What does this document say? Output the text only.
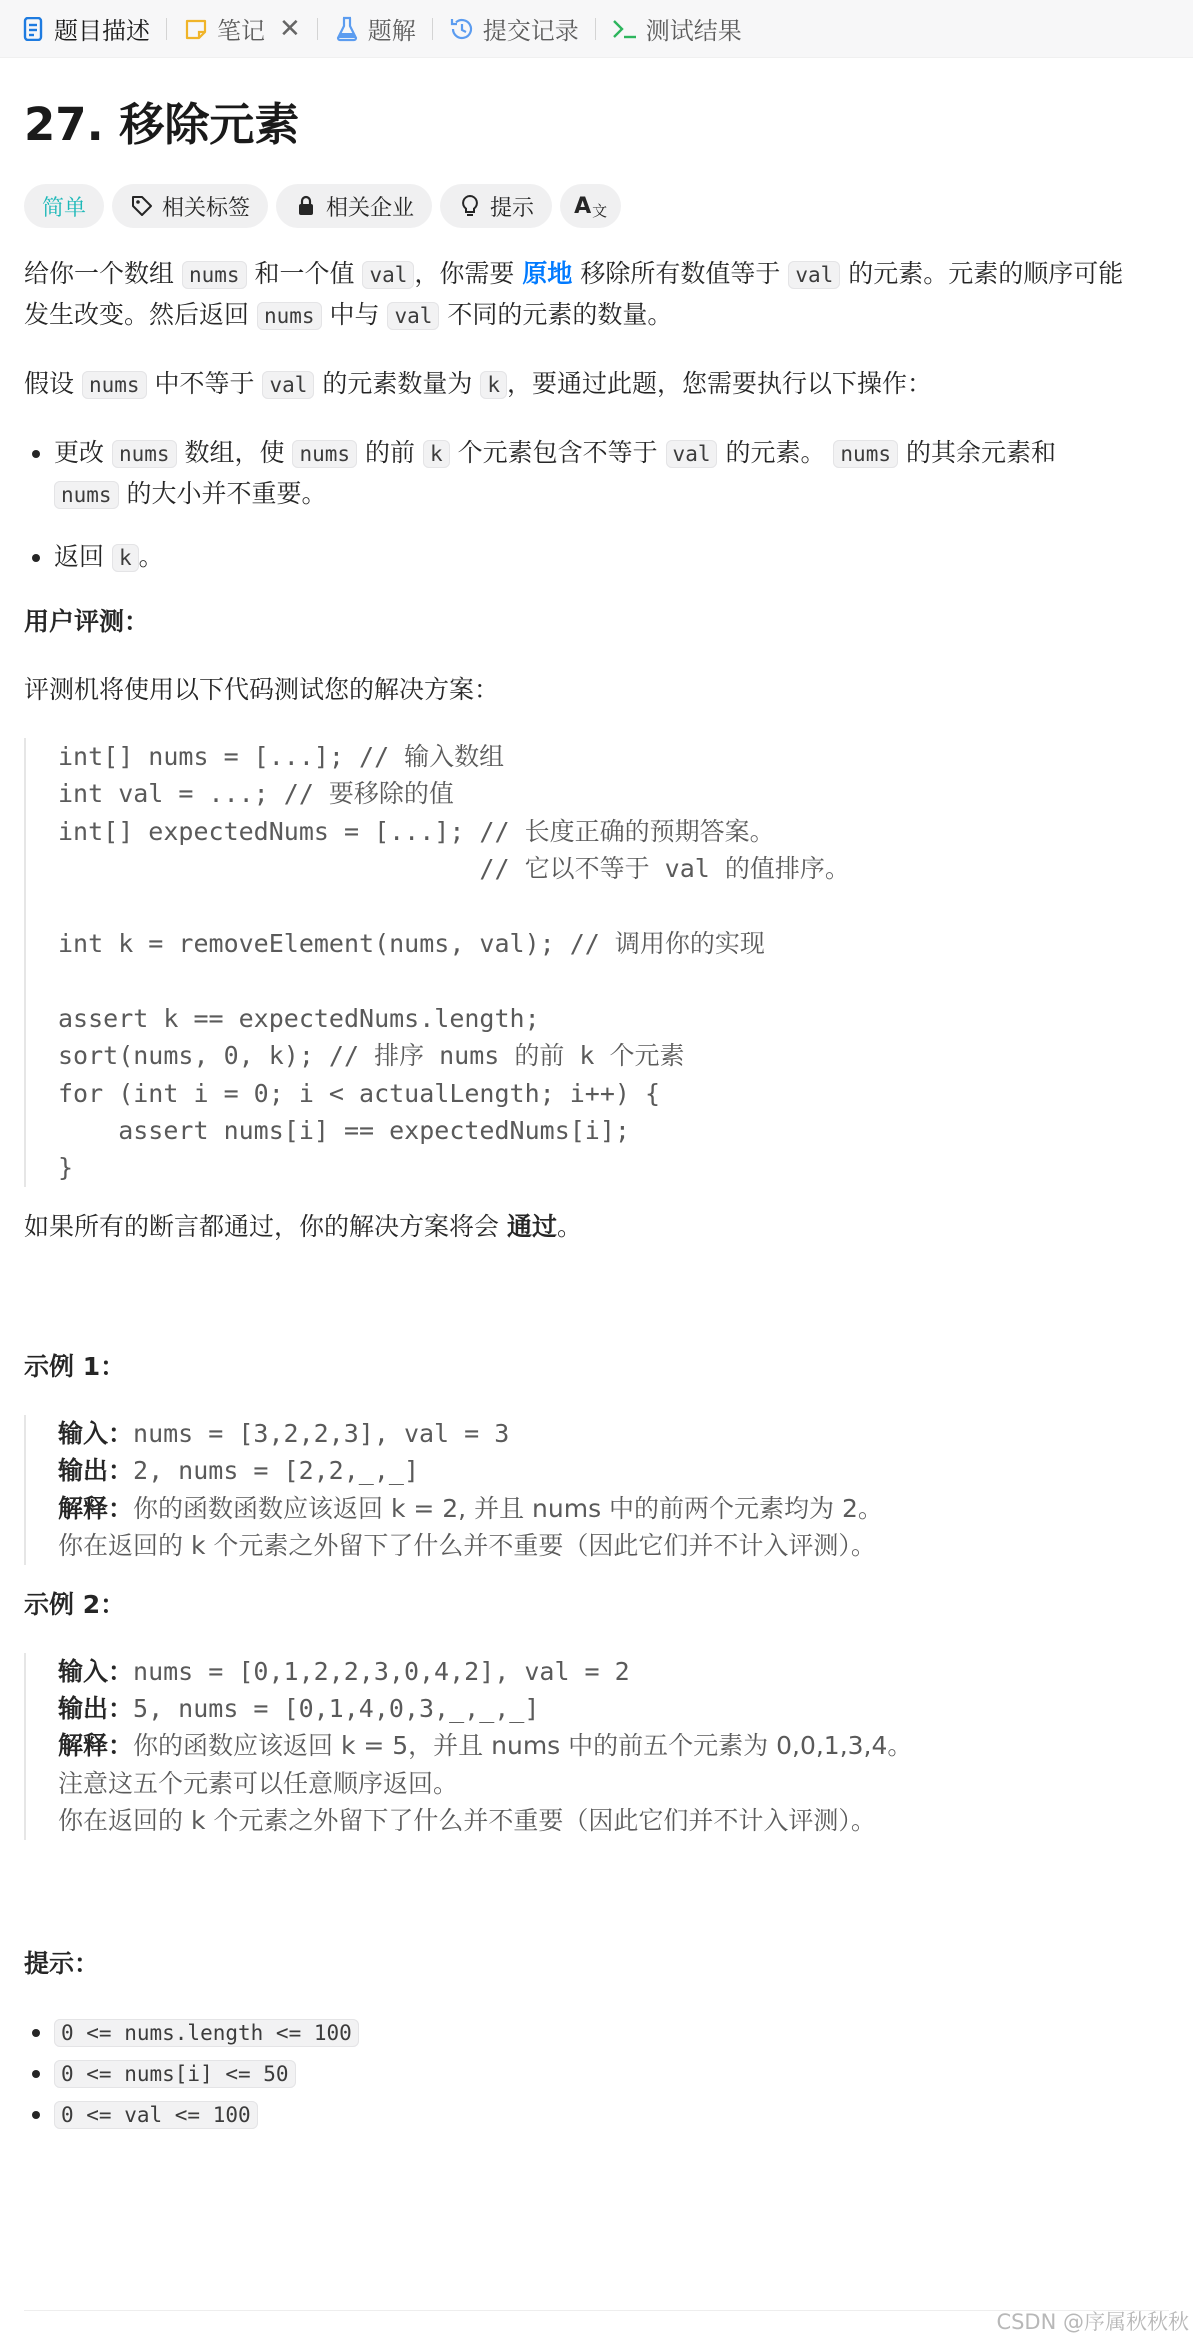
题目描述	笔记 ✕	题解	提交记录	测试结果
27. 移除元素
简单	相关标签	相关企业	提示 A 文

给你一个数组 nums 和一个值 val ，你需要 原地 移除所有数值等于 val 的元素。元素的顺序可能
发生改变。然后返回 nums 中与 val 不同的元素的数量。

假设 nums 中不等于 val 的元素数量为 k ，要通过此题，您需要执行以下操作：

• 更改 nums 数组，使 nums 的前 k 个元素包含不等于 val 的元素。 nums 的其余元素和
nums 的大小并不重要。
• 返回 k 。

用户评测：

评测机将使用以下代码测试您的解决方案：

int[] nums = [...]; // 输入数组
int val = ...; // 要移除的值
int[] expectedNums = [...]; // 长度正确的预期答案。
// 它以不等于 val 的值排序。

int k = removeElement(nums, val); // 调用你的实现

assert k == expectedNums.length;
sort(nums, 0, k); // 排序 nums 的前 k 个元素
for (int i = 0; i < actualLength; i++) {
assert nums[i] == expectedNums[i];
}

如果所有的断言都通过，你的解决方案将会 通过。

示例 1：

输入：nums = [3,2,2,3], val = 3
输出：2, nums = [2,2,_,_]
解释：你的函数函数应该返回 k = 2, 并且 nums 中的前两个元素均为 2。
你在返回的 k 个元素之外留下了什么并不重要（因此它们并不计入评测）。

示例 2：

输入：nums = [0,1,2,2,3,0,4,2], val = 2
输出：5, nums = [0,1,4,0,3,_,_,_]
解释：你的函数应该返回 k = 5，并且 nums 中的前五个元素为 0,0,1,3,4。
注意这五个元素可以任意顺序返回。
你在返回的 k 个元素之外留下了什么并不重要（因此它们并不计入评测）。

提示：

• 0 <= nums.length <= 100
• 0 <= nums[i] <= 50
• 0 <= val <= 100
CSDN @序属秋秋秋
